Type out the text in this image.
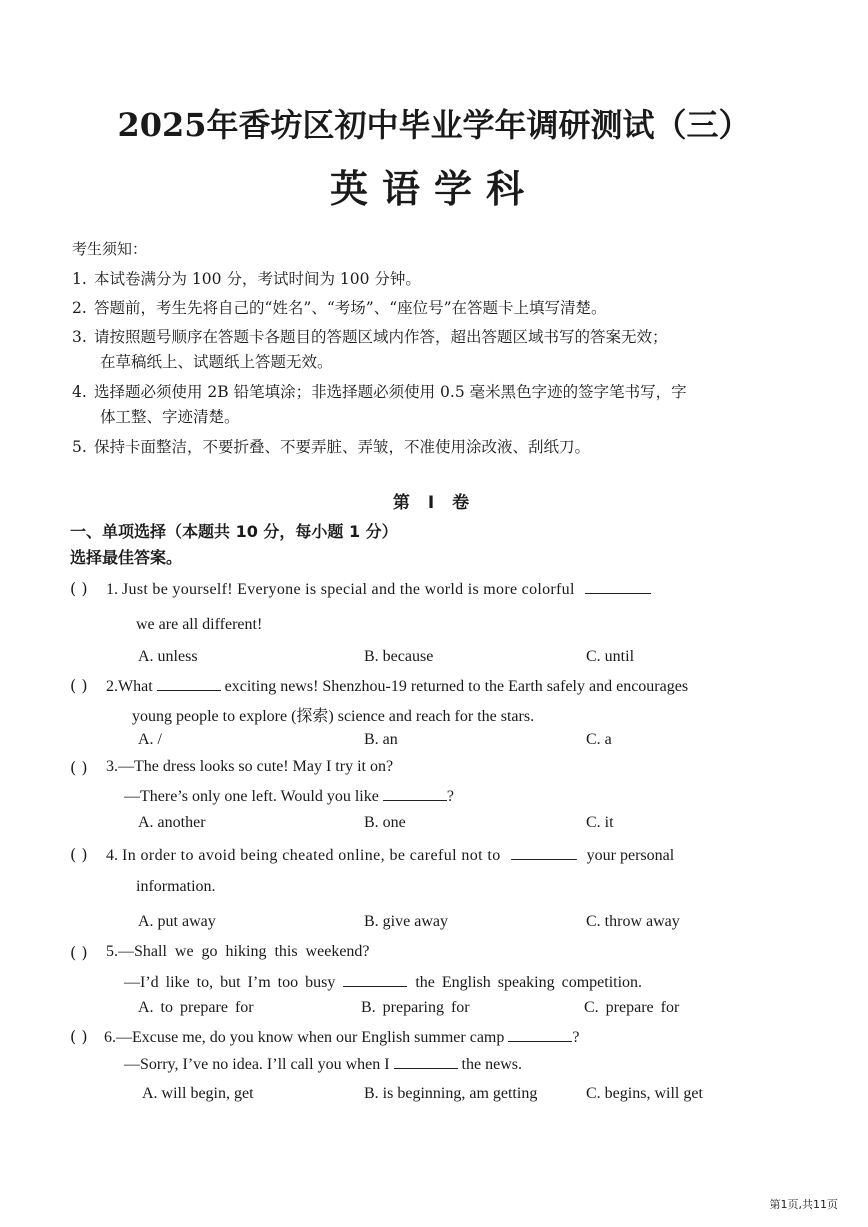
2025年香坊区初中毕业学年调研测试（三）
英语学科
考生须知：
1. 本试卷满分为 100 分，考试时间为 100 分钟。
2. 答题前，考生先将自己的“姓名”、“考场”、“座位号”在答题卡上填写清楚。
3. 请按照题号顺序在答题卡各题目的答题区域内作答，超出答题区域书写的答案无效；
在草稿纸上、试题纸上答题无效。
4. 选择题必须使用 2B 铅笔填涂；非选择题必须使用 0.5 毫米黑色字迹的签字笔书写，字
体工整、字迹清楚。
5. 保持卡面整洁，不要折叠、不要弄脏、弄皱，不准使用涂改液、刮纸刀。
第 Ⅰ 卷
一、单项选择（本题共 10 分，每小题 1 分）
选择最佳答案。
( ) 1. Just be yourself! Everyone is special and the world is more colorful
we are all different!
A. unless	B. because	C. until
( ) 2.What	exciting news! Shenzhou-19 returned to the Earth safely and encourages
young people to explore (探索) science and reach for the stars.
A. /	B. an	C. a
( ) 3.—The dress looks so cute! May I try it on?
—There’s only one left. Would you like	?
A. another	B. one	C. it
( ) 4. In order to avoid being cheated online, be careful not to	your personal
information.
A. put away	B. give away	C. throw away
( ) 5.—Shall we go hiking this weekend?
—I’d like to, but I’m too busy	the English speaking competition.
A. to prepare for	B. preparing for	C. prepare for
( ) 6.—Excuse me, do you know when our English summer camp	?
—Sorry, I’ve no idea. I’ll call you when I	the news.
A. will begin, get	B. is beginning, am getting	C. begins, will get
第1页,共11页
